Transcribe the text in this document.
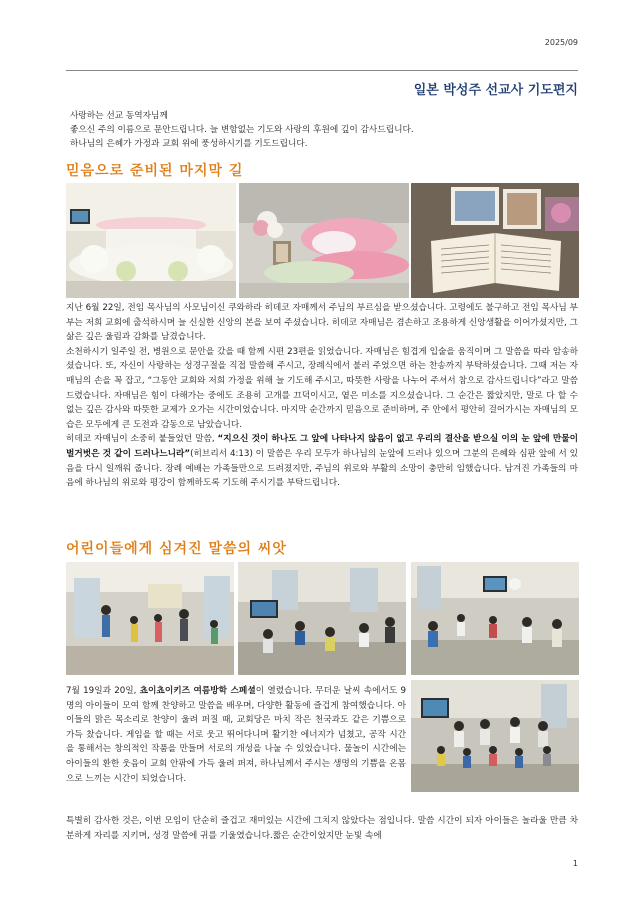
2025/09
일본 박성주 선교사 기도편지

사랑하는 선교 동역자님께

좋으신 주의 이름으로 문안드립니다. 늘 변함없는 기도와 사랑의 후원에 깊이 감사드립니다.

하나님의 은혜가 가정과 교회 위에 풍성하시기를 기도드립니다.

믿음으로 준비된 마지막 길

지난 6월 22일, 전임 목사님의 사모님이신 쿠와하라 히데코 자매께서 주님의 부르심을 받으셨습니다. 고령에도 불구하고 전임 목사님 부부는 저희 교회에 출석하시며 늘 신실한 신앙의 본을 보여 주셨습니다. 히데코 자매님은 겸손하고 조용하게 신앙생활을 이어가셨지만, 그 삶은 깊은 울림과 감화를 남겼습니다.

소천하시기 일주일 전, 병원으로 문안을 갔을 때 함께 시편 23편을 읽었습니다. 자매님은 힘겹게 입술을 움직이며 그 말씀을 따라 암송하셨습니다. 또, 자신이 사랑하는 성경구절을 직접 말씀해 주시고, 장례식에서 불러 주었으면 하는 찬송까지 부탁하셨습니다. 그때 저는 자매님의 손을 꼭 잡고, “그동안 교회와 저희 가정을 위해 늘 기도해 주시고, 따뜻한 사랑을 나누어 주셔서 참으로 감사드립니다”라고 말씀드렸습니다. 자매님은 힘이 다해가는 중에도 조용히 고개를 끄덕이시고, 옅은 미소를 지으셨습니다. 그 순간은 짧았지만, 말로 다 할 수 없는 깊은 감사와 따뜻한 교제가 오가는 시간이었습니다. 마지막 순간까지 믿음으로 준비하며, 주 안에서 평안히 걸어가시는 자매님의 모습은 모두에게 큰 도전과 감동으로 남았습니다.

히데코 자매님이 소중히 붙들었던 말씀, “지으신 것이 하나도 그 앞에 나타나지 않음이 없고 우리의 결산을 받으실 이의 눈 앞에 만물이 벌거벗은 것 같이 드러나느니라”(히브리서 4:13) 이 말씀은 우리 모두가 하나님의 눈앞에 드러나 있으며 그분의 은혜와 심판 앞에 서 있음을 다시 일깨워 줍니다. 장례 예배는 가족들만으로 드려졌지만, 주님의 위로와 부활의 소망이 충만히 임했습니다. 남겨진 가족들의 마음에 하나님의 위로와 평강이 함께하도록 기도해 주시기를 부탁드립니다.

어린이들에게 심겨진 말씀의 씨앗

7월 19일과 20일, 쵸이쵸이키즈 여름방학 스페셜이 열렸습니다. 무더운 날씨 속에서도 9명의 아이들이 모여 함께 찬양하고 말씀을 배우며, 다양한 활동에 즐겁게 참여했습니다. 아이들의 맑은 목소리로 찬양이 울려 퍼질 때, 교회당은 마치 작은 천국과도 같은 기쁨으로 가득 찼습니다. 게임을 할 때는 서로 웃고 뛰어다니며 활기찬 에너지가 넘쳤고, 공작 시간을 통해서는 창의적인 작품을 만들며 서로의 개성을 나눌 수 있었습니다. 물놀이 시간에는 아이들의 환한 웃음이 교회 안팎에 가득 울려 퍼져, 하나님께서 주시는 생명의 기쁨을 온몸으로 느끼는 시간이 되었습니다.

특별히 감사한 것은, 이번 모임이 단순히 즐겁고 재미있는 시간에 그치지 않았다는 점입니다. 말씀 시간이 되자 아이들은 놀라울 만큼 차분하게 자리를 지키며, 성경 말씀에 귀를 기울였습니다.짧은 순간이었지만 눈빛 속에

1
